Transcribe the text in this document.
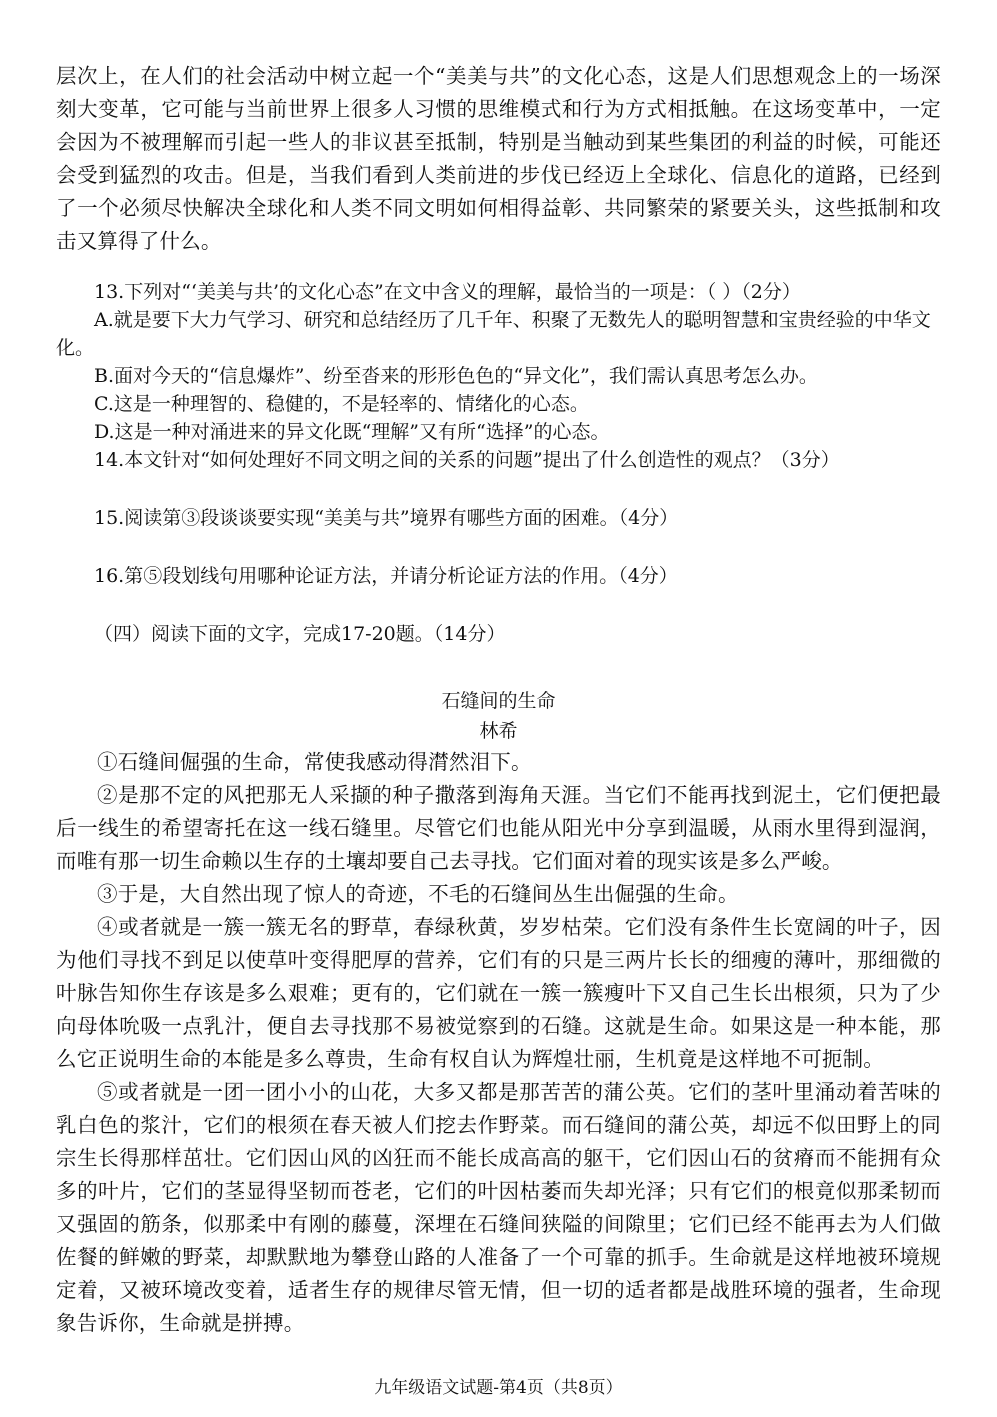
层次上，在人们的社会活动中树立起一个“美美与共”的文化心态，这是人们思想观念上的一场深刻大变革，它可能与当前世界上很多人习惯的思维模式和行为方式相抵触。在这场变革中，一定会因为不被理解而引起一些人的非议甚至抵制，特别是当触动到某些集团的利益的时候，可能还会受到猛烈的攻击。但是，当我们看到人类前进的步伐已经迈上全球化、信息化的道路，已经到了一个必须尽快解决全球化和人类不同文明如何相得益彰、共同繁荣的紧要关头，这些抵制和攻击又算得了什么。

13.下列对“‘美美与共’的文化心态”在文中含义的理解，最恰当的一项是：（ ）（2分）

A.就是要下大力气学习、研究和总结经历了几千年、积聚了无数先人的聪明智慧和宝贵经验的中华文化。

B.面对今天的“信息爆炸”、纷至沓来的形形色色的“异文化”，我们需认真思考怎么办。

C.这是一种理智的、稳健的，不是轻率的、情绪化的心态。

D.这是一种对涌进来的异文化既“理解”又有所“选择”的心态。

14.本文针对“如何处理好不同文明之间的关系的问题”提出了什么创造性的观点？（3分）

15.阅读第③段谈谈要实现“美美与共”境界有哪些方面的困难。（4分）

16.第⑤段划线句用哪种论证方法，并请分析论证方法的作用。（4分）

（四）阅读下面的文字，完成17-20题。（14分）

石缝间的生命

林希

①石缝间倔强的生命，常使我感动得潸然泪下。

②是那不定的风把那无人采撷的种子撒落到海角天涯。当它们不能再找到泥土，它们便把最后一线生的希望寄托在这一线石缝里。尽管它们也能从阳光中分享到温暖，从雨水里得到湿润，而唯有那一切生命赖以生存的土壤却要自己去寻找。它们面对着的现实该是多么严峻。

③于是，大自然出现了惊人的奇迹，不毛的石缝间丛生出倔强的生命。

④或者就是一簇一簇无名的野草，春绿秋黄，岁岁枯荣。它们没有条件生长宽阔的叶子，因为他们寻找不到足以使草叶变得肥厚的营养，它们有的只是三两片长长的细瘦的薄叶，那细微的叶脉告知你生存该是多么艰难；更有的，它们就在一簇一簇瘦叶下又自己生长出根须，只为了少向母体吮吸一点乳汁，便自去寻找那不易被觉察到的石缝。这就是生命。如果这是一种本能，那么它正说明生命的本能是多么尊贵，生命有权自认为辉煌壮丽，生机竟是这样地不可扼制。

⑤或者就是一团一团小小的山花，大多又都是那苦苦的蒲公英。它们的茎叶里涌动着苦味的乳白色的浆汁，它们的根须在春天被人们挖去作野菜。而石缝间的蒲公英，却远不似田野上的同宗生长得那样茁壮。它们因山风的凶狂而不能长成高高的躯干，它们因山石的贫瘠而不能拥有众多的叶片，它们的茎显得坚韧而苍老，它们的叶因枯萎而失却光泽；只有它们的根竟似那柔韧而又强固的筋条，似那柔中有刚的藤蔓，深埋在石缝间狭隘的间隙里；它们已经不能再去为人们做佐餐的鲜嫩的野菜，却默默地为攀登山路的人准备了一个可靠的抓手。生命就是这样地被环境规定着，又被环境改变着，适者生存的规律尽管无情，但一切的适者都是战胜环境的强者，生命现象告诉你，生命就是拼搏。

九年级语文试题-第4页（共8页）
